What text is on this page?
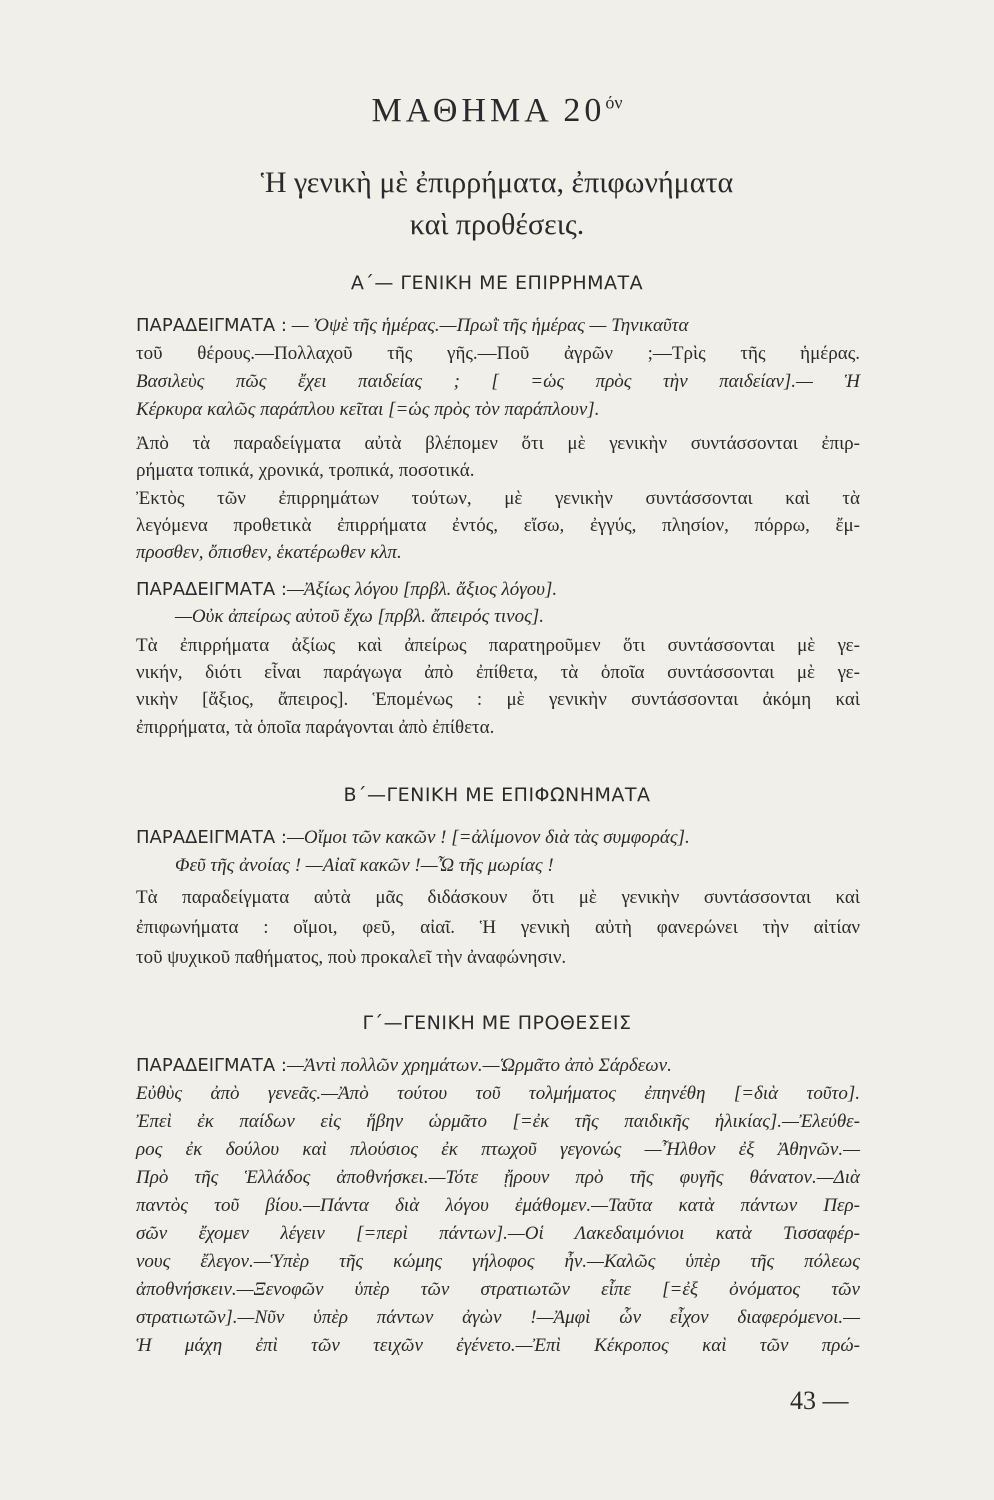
ΜΑΘΗΜΑ $20^{ό\nu}$
Ἡ γενικὴ μὲ ἐπιρρήματα, ἐπιφωνήματα
καὶ προθέσεις.
Α΄— ΓΕΝΙΚΗ ΜΕ ΕΠΙΡΡΗΜΑΤΑ
ΠΑΡΑΔΕΙΓΜΑΤΑ : — Ὀψὲ τῆς ἡμέρας.—Πρωῒ τῆς ἡμέρας — Τηνικαῦτα
τοῦ θέρους.—Πολλαχοῦ τῆς γῆς.—Ποῦ ἀγρῶν ;—Τρὶς τῆς ἡμέρας.
Βασιλεὺς πῶς ἔχει παιδείας ; [ =ὡς πρὸς τὴν παιδείαν].— Ἡ
Κέρκυρα καλῶς παράπλου κεῖται [=ὡς πρὸς τὸν παράπλουν].
Ἀπὸ τὰ παραδείγματα αὐτὰ βλέπομεν ὅτι μὲ γενικὴν συντάσσονται ἐπιρ-
ρήματα τοπικά, χρονικά, τροπικά, ποσοτικά.
Ἐκτὸς τῶν ἐπιρρημάτων τούτων, μὲ γενικὴν συντάσσονται καὶ τὰ
λεγόμενα προθετικὰ ἐπιρρήματα ἐντός, εἴσω, ἐγγύς, πλησίον, πόρρω, ἔμ-
προσθεν, ὄπισθεν, ἑκατέρωθεν κλπ.
ΠΑΡΑΔΕΙΓΜΑΤΑ :—Ἀξίως λόγου [πρβλ. ἄξιος λόγου].
—Οὐκ ἀπείρως αὐτοῦ ἔχω [πρβλ. ἄπειρός τινος].
Τὰ ἐπιρρήματα ἀξίως καὶ ἀπείρως παρατηροῦμεν ὅτι συντάσσονται μὲ γε-
νικήν, διότι εἶναι παράγωγα ἀπὸ ἐπίθετα, τὰ ὁποῖα συντάσσονται μὲ γε-
νικὴν [ἄξιος, ἄπειρος]. Ἑπομένως : μὲ γενικὴν συντάσσονται ἀκόμη καὶ
ἐπιρρήματα, τὰ ὁποῖα παράγονται ἀπὸ ἐπίθετα.
Β΄—ΓΕΝΙΚΗ ΜΕ ΕΠΙΦΩΝΗΜΑΤΑ
ΠΑΡΑΔΕΙΓΜΑΤΑ :—Οἴμοι τῶν κακῶν ! [=ἀλίμονον διὰ τὰς συμφοράς].
Φεῦ τῆς ἀνοίας ! —Αἰαῖ κακῶν !—Ὦ τῆς μωρίας !
Τὰ παραδείγματα αὐτὰ μᾶς διδάσκουν ὅτι μὲ γενικὴν συντάσσονται καὶ
ἐπιφωνήματα : οἴμοι, φεῦ, αἰαῖ. Ἡ γενικὴ αὐτὴ φανερώνει τὴν αἰτίαν
τοῦ ψυχικοῦ παθήματος, ποὺ προκαλεῖ τὴν ἀναφώνησιν.
Γ΄—ΓΕΝΙΚΗ ΜΕ ΠΡΟΘΕΣΕΙΣ
ΠΑΡΑΔΕΙΓΜΑΤΑ :—Ἀντὶ πολλῶν χρημάτων.—Ὡρμᾶτο ἀπὸ Σάρδεων.
Εὐθὺς ἀπὸ γενεᾶς.—Ἀπὸ τούτου τοῦ τολμήματος ἐπηνέθη [=διὰ τοῦτο].
Ἐπεὶ ἐκ παίδων εἰς ἥβην ὡρμᾶτο [=ἐκ τῆς παιδικῆς ἡλικίας].—Ἐλεύθε-
ρος ἐκ δούλου καὶ πλούσιος ἐκ πτωχοῦ γεγονώς —Ἦλθον ἐξ Ἀθηνῶν.—
Πρὸ τῆς Ἑλλάδος ἀποθνήσκει.—Τότε ᾔρουν πρὸ τῆς φυγῆς θάνατον.—Διὰ
παντὸς τοῦ βίου.—Πάντα διὰ λόγου ἐμάθομεν.—Ταῦτα κατὰ πάντων Περ-
σῶν ἔχομεν λέγειν [=περὶ πάντων].—Οἱ Λακεδαιμόνιοι κατὰ Τισσαφέρ-
νους ἔλεγον.—Ὑπὲρ τῆς κώμης γήλοφος ἦν.—Καλῶς ὑπὲρ τῆς πόλεως
ἀποθνήσκειν.—Ξενοφῶν ὑπὲρ τῶν στρατιωτῶν εἶπε [=ἐξ ὀνόματος τῶν
στρατιωτῶν].—Νῦν ὑπὲρ πάντων ἀγὼν !—Ἀμφὶ ὧν εἶχον διαφερόμενοι.—
Ἡ μάχη ἐπὶ τῶν τειχῶν ἐγένετο.—Ἐπὶ Κέκροπος καὶ τῶν πρώ-
43 —
